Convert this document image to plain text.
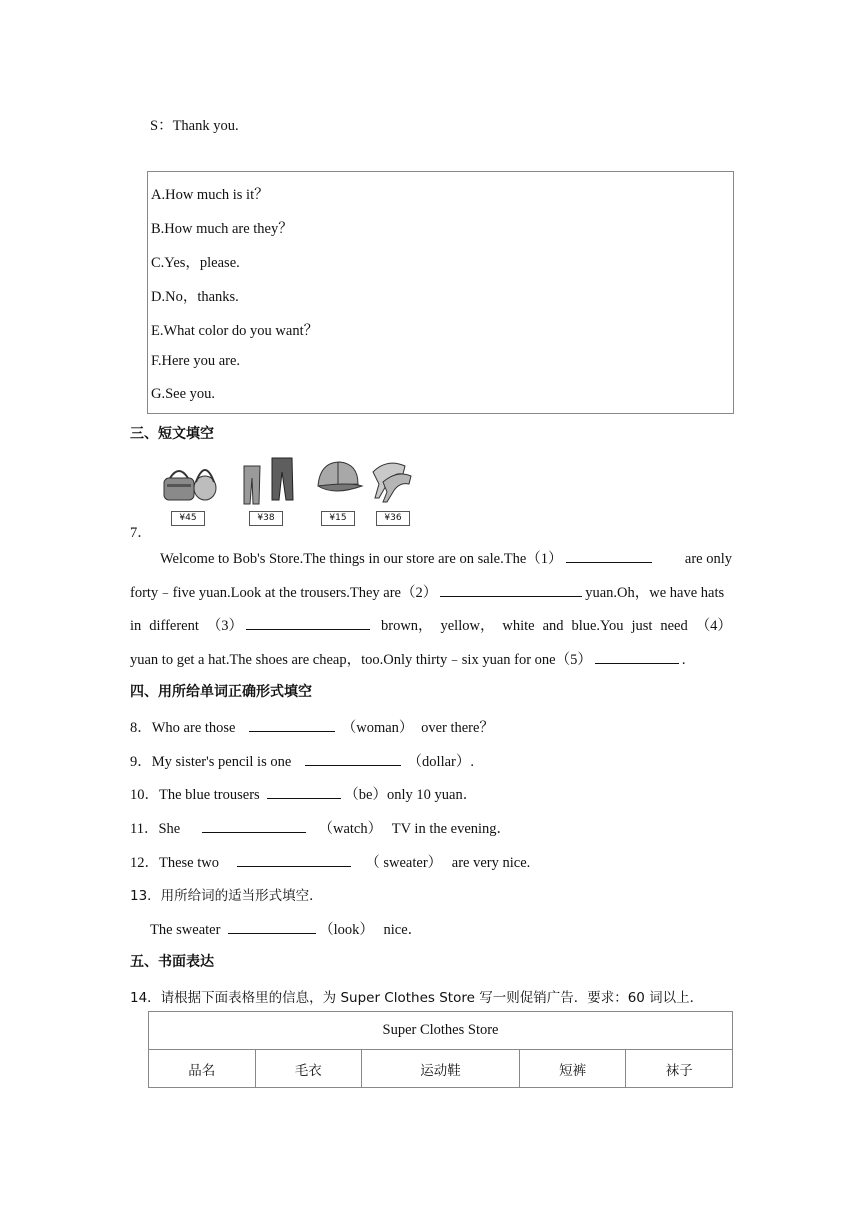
S：Thank you.
A.How much is it？
B.How much are they？
C.Yes，please.
D.No，thanks.
E.What color do you want？
F.Here you are.
G.See you.
三、短文填空
¥45	¥38	¥15	¥36
7．
Welcome to Bob's Store.The things in our store are on sale.The（1）	are only
forty﹣five yuan.Look at the trousers.They are（2）	yuan.Oh，we have hats
in different （3）	brown， yellow， white and blue.You just need （4）
yuan to get a hat.The shoes are cheap，too.Only thirty﹣six yuan for one（5）	.
四、用所给单词正确形式填空
8．Who are those	（woman） over there？
9．My sister's pencil is one	（dollar）.
10．The blue trousers	（be）only 10 yuan．
11．She	（watch） TV in the evening．
12．These two	（ sweater） are very nice.
13．用所给词的适当形式填空．
The sweater	（look） nice．
五、书面表达
14．请根据下面表格里的信息，为 Super Clothes Store 写一则促销广告．要求：60 词以上．
Super Clothes Store
品名	毛衣	运动鞋	短裤	袜子
